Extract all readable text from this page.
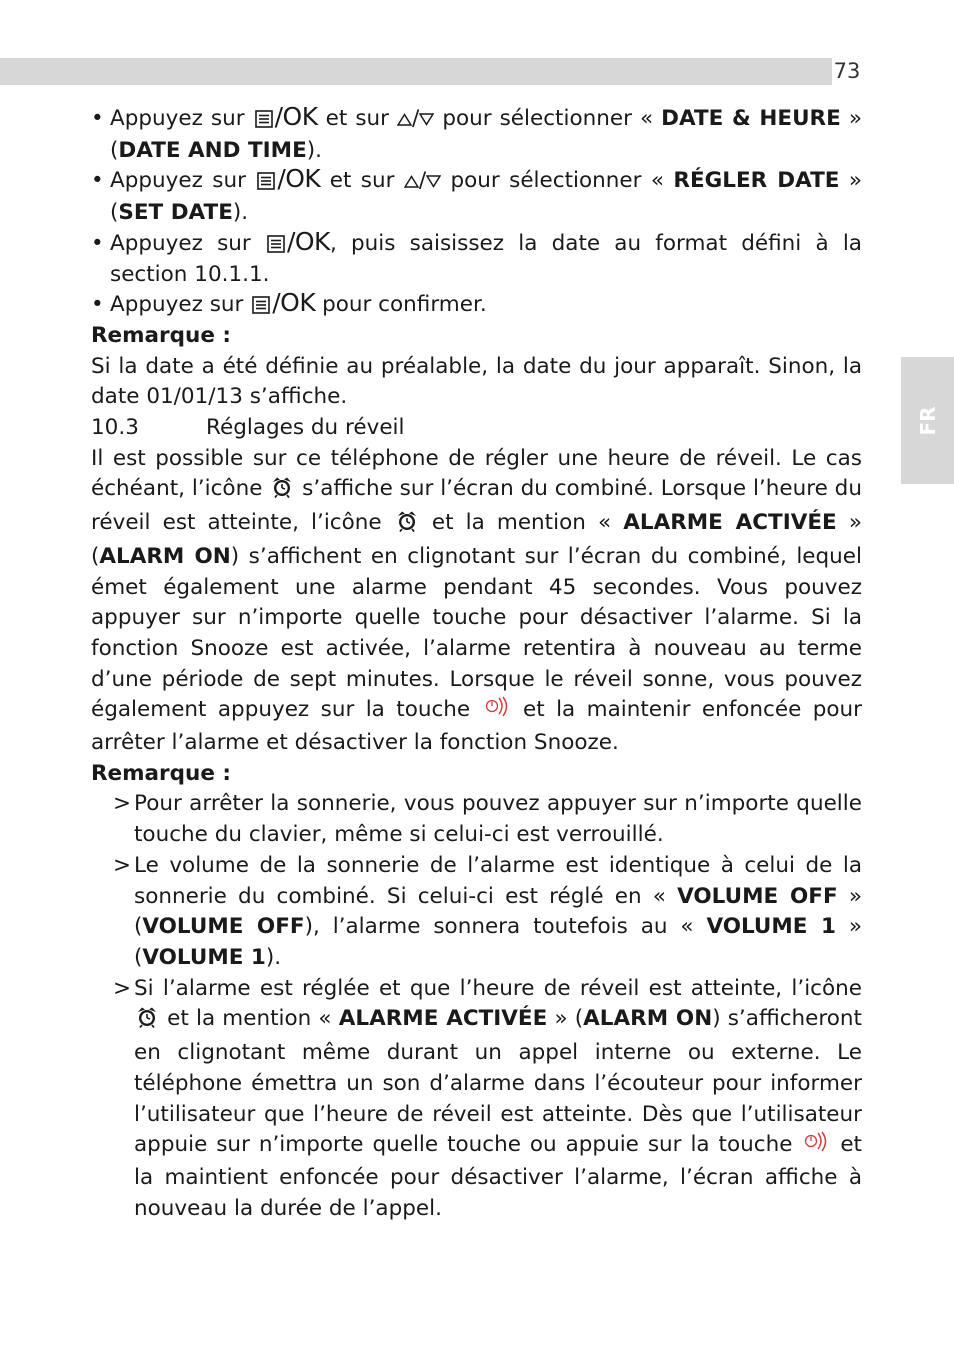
73
FR
• Appuyez sur /OK et sur / pour sélectionner « DATE & HEURE » (DATE AND TIME).
• Appuyez sur /OK et sur / pour sélectionner « RÉGLER DATE » (SET DATE).
• Appuyez sur /OK, puis saisissez la date au format défini à la section 10.1.1.
• Appuyez sur /OK pour confirmer.

Remarque :

Si la date a été définie au préalable, la date du jour apparaît. Sinon, la date 01/01/13 s’affiche.

10.3	Réglages du réveil

Il est possible sur ce téléphone de régler une heure de réveil. Le cas échéant, l’icône s’affiche sur l’écran du combiné. Lorsque l’heure du réveil est atteinte, l’icône et la mention « ALARME ACTIVÉE » (ALARM ON) s’affichent en clignotant sur l’écran du combiné, lequel émet également une alarme pendant 45 secondes. Vous pouvez appuyer sur n’importe quelle touche pour désactiver l’alarme. Si la fonction Snooze est activée, l’alarme retentira à nouveau au terme d’une période de sept minutes. Lorsque le réveil sonne, vous pouvez également appuyez sur la touche et la maintenir enfoncée pour arrêter l’alarme et désactiver la fonction Snooze.

Remarque :

> Pour arrêter la sonnerie, vous pouvez appuyer sur n’importe quelle touche du clavier, même si celui-ci est verrouillé.
> Le volume de la sonnerie de l’alarme est identique à celui de la sonnerie du combiné. Si celui-ci est réglé en « VOLUME OFF » (VOLUME OFF), l’alarme sonnera toutefois au « VOLUME 1 » (VOLUME 1).
> Si l’alarme est réglée et que l’heure de réveil est atteinte, l’icône  et la mention « ALARME ACTIVÉE » (ALARM ON) s’afficheront en clignotant même durant un appel interne ou externe. Le téléphone émettra un son d’alarme dans l’écouteur pour informer l’utilisateur que l’heure de réveil est atteinte. Dès que l’utilisateur appuie sur n’importe quelle touche ou appuie sur la touche et la maintient enfoncée pour désactiver l’alarme, l’écran affiche à nouveau la durée de l’appel.
